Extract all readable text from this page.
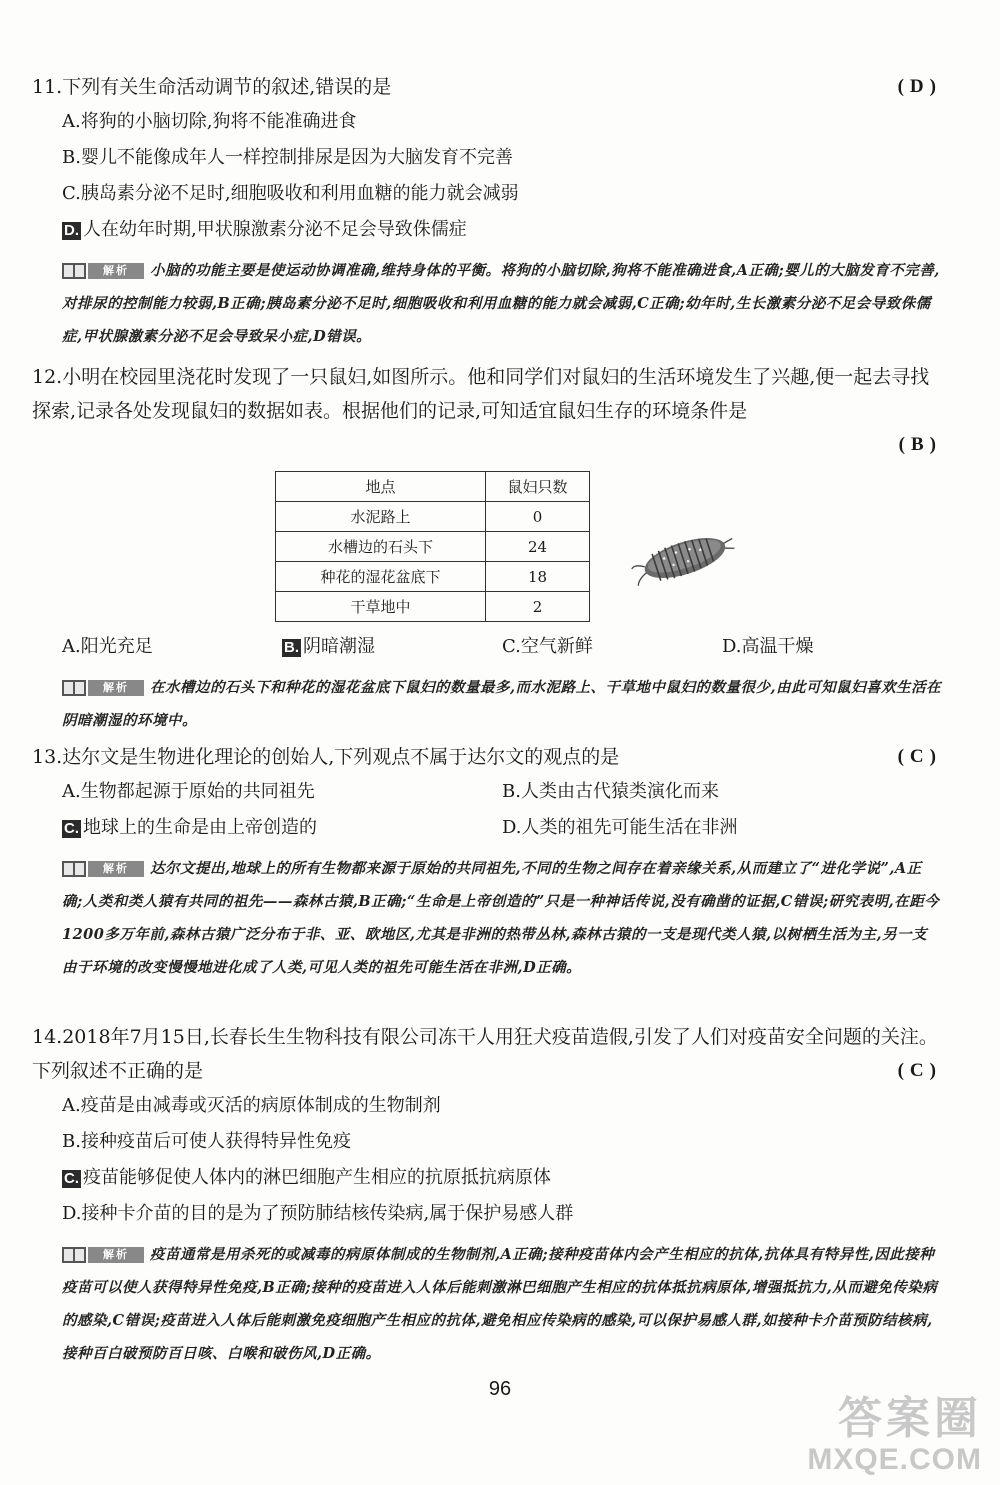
11.下列有关生命活动调节的叙述,错误的是	(D)
A.将狗的小脑切除,狗将不能准确进食
B.婴儿不能像成年人一样控制排尿是因为大脑发育不完善
C.胰岛素分泌不足时,细胞吸收和利用血糖的能力就会减弱
D. 人在幼年时期,甲状腺激素分泌不足会导致侏儒症
解析	小脑的功能主要是使运动协调准确,维持身体的平衡。将狗的小脑切除,狗将不能准确进食,A正确;婴儿的大脑发育不完善,对排尿的控制能力较弱,B正确;胰岛素分泌不足时,细胞吸收和利用血糖的能力就会减弱,C正确;幼年时,生长激素分泌不足会导致侏儒症,甲状腺激素分泌不足会导致呆小症,D错误。
12.小明在校园里浇花时发现了一只鼠妇,如图所示。他和同学们对鼠妇的生活环境发生了兴趣,便一起去寻找探索,记录各处发现鼠妇的数据如表。根据他们的记录,可知适宜鼠妇生存的环境条件是
(B)
地点	鼠妇只数
水泥路上	0
水槽边的石头下	24
种花的湿花盆底下	18
干草地中	2
A.阳光充足	B. 阴暗潮湿	C.空气新鲜	D.高温干燥
解析	在水槽边的石头下和种花的湿花盆底下鼠妇的数量最多,而水泥路上、干草地中鼠妇的数量很少,由此可知鼠妇喜欢生活在阴暗潮湿的环境中。
13.达尔文是生物进化理论的创始人,下列观点不属于达尔文的观点的是	(C)
A.生物都起源于原始的共同祖先	B.人类由古代猿类演化而来
C. 地球上的生命是由上帝创造的	D.人类的祖先可能生活在非洲
解析	达尔文提出,地球上的所有生物都来源于原始的共同祖先,不同的生物之间存在着亲缘关系,从而建立了“进化学说”,A正确;人类和类人猿有共同的祖先——森林古猿,B正确;“生命是上帝创造的”只是一种神话传说,没有确凿的证据,C错误;研究表明,在距今1200多万年前,森林古猿广泛分布于非、亚、欧地区,尤其是非洲的热带丛林,森林古猿的一支是现代类人猿,以树栖生活为主,另一支由于环境的改变慢慢地进化成了人类,可见人类的祖先可能生活在非洲,D正确。
14.2018年7月15日,长春长生生物科技有限公司冻干人用狂犬疫苗造假,引发了人们对疫苗安全问题的关注。下列叙述不正确的是	(C)
A.疫苗是由减毒或灭活的病原体制成的生物制剂
B.接种疫苗后可使人获得特异性免疫
C. 疫苗能够促使人体内的淋巴细胞产生相应的抗原抵抗病原体
D.接种卡介苗的目的是为了预防肺结核传染病,属于保护易感人群
解析	疫苗通常是用杀死的或减毒的病原体制成的生物制剂,A正确;接种疫苗体内会产生相应的抗体,抗体具有特异性,因此接种疫苗可以使人获得特异性免疫,B正确;接种的疫苗进入人体后能刺激淋巴细胞产生相应的抗体抵抗病原体,增强抵抗力,从而避免传染病的感染,C错误;疫苗进入人体后能刺激免疫细胞产生相应的抗体,避免相应传染病的感染,可以保护易感人群,如接种卡介苗预防结核病,接种百白破预防百日咳、白喉和破伤风,D正确。
96
答案圈
MXQE.COM
